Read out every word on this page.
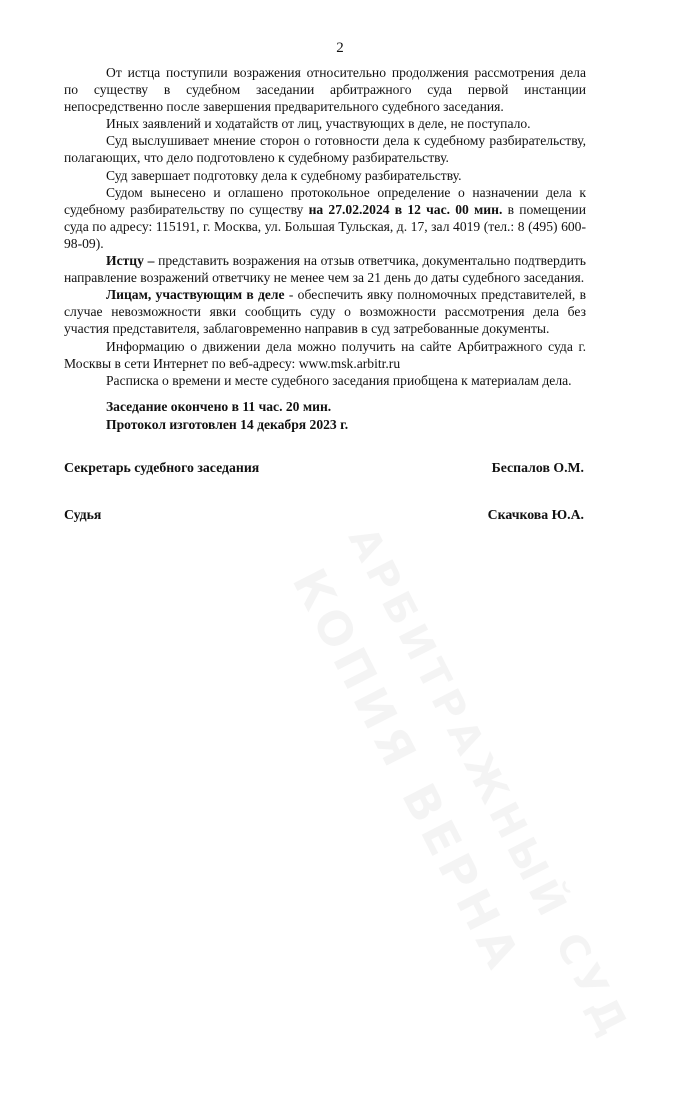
2

От истца поступили возражения относительно продолжения рассмотрения дела по существу в судебном заседании арбитражного суда первой инстанции непосредственно после завершения предварительного судебного заседания.

Иных заявлений и ходатайств от лиц, участвующих в деле, не поступало.

Суд выслушивает мнение сторон о готовности дела к судебному разбирательству, полагающих, что дело подготовлено к судебному разбирательству.

Суд завершает подготовку дела к судебному разбирательству.

Судом вынесено и оглашено протокольное определение о назначении дела к судебному разбирательству по существу на 27.02.2024 в 12 час. 00 мин. в помещении суда по адресу: 115191, г. Москва, ул. Большая Тульская, д. 17, зал 4019 (тел.: 8 (495) 600-98-09).

Истцу – представить возражения на отзыв ответчика, документально подтвердить направление возражений ответчику не менее чем за 21 день до даты судебного заседания.

Лицам, участвующим в деле - обеспечить явку полномочных представителей, в случае невозможности явки сообщить суду о возможности рассмотрения дела без участия представителя, заблаговременно направив в суд затребованные документы.

Информацию о движении дела можно получить на сайте Арбитражного суда г. Москвы в сети Интернет по веб-адресу: www.msk.arbitr.ru

Расписка о времени и месте судебного заседания приобщена к материалам дела.

Заседание окончено в 11 час. 20 мин.
Протокол изготовлен 14 декабря 2023 г.
Секретарь судебного заседания	Беспалов О.М.
Судья	Скачкова Ю.А.
